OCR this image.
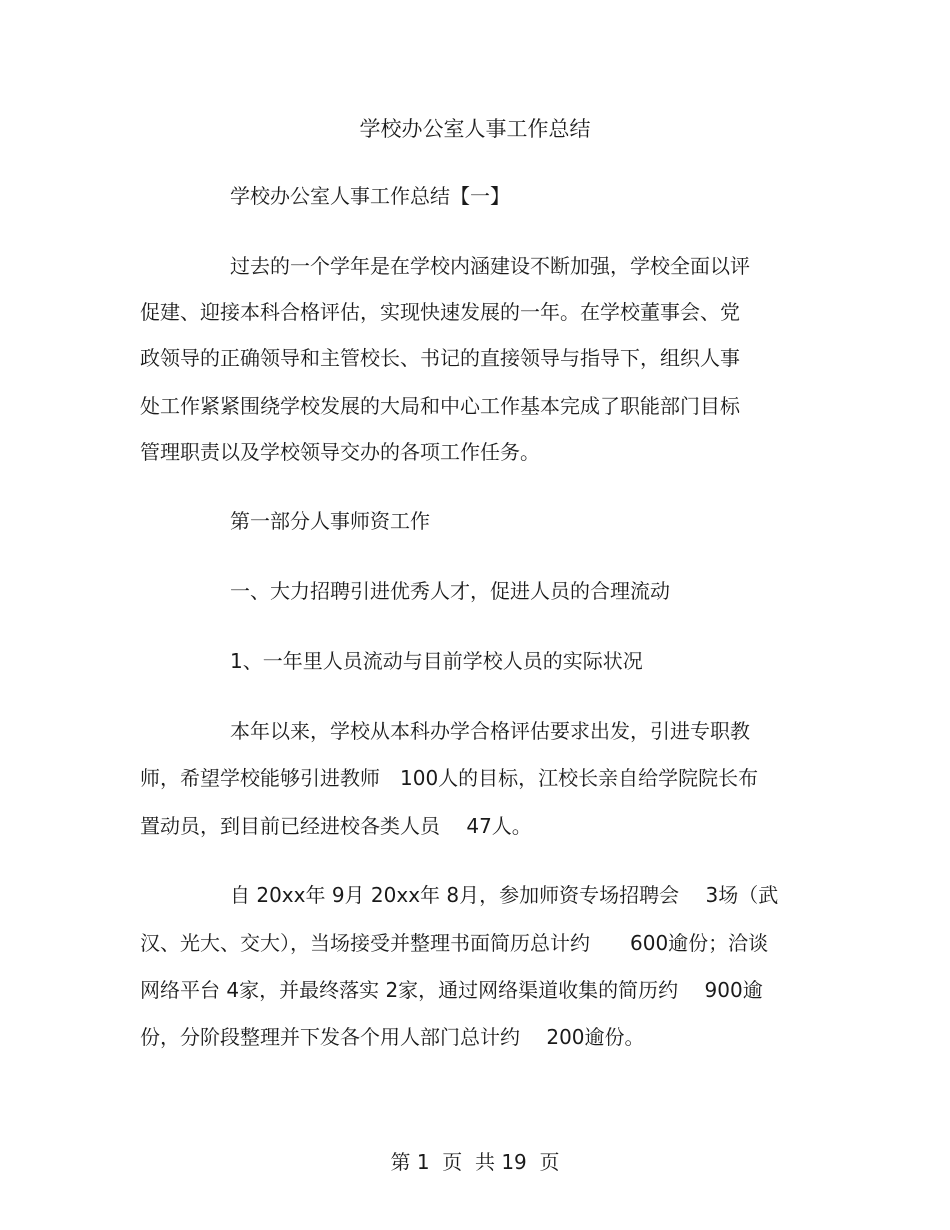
学校办公室人事工作总结
学校办公室人事工作总结【一】
过去的一个学年是在学校内涵建设不断加强，学校全面以评
促建、迎接本科合格评估，实现快速发展的一年。在学校董事会、党
政领导的正确领导和主管校长、书记的直接领导与指导下，组织人事
处工作紧紧围绕学校发展的大局和中心工作基本完成了职能部门目标
管理职责以及学校领导交办的各项工作任务。
第一部分人事师资工作
一、大力招聘引进优秀人才，促进人员的合理流动
1、一年里人员流动与目前学校人员的实际状况
本年以来，学校从本科办学合格评估要求出发，引进专职教
师，希望学校能够引进教师　100人的目标，江校长亲自给学院院长布
置动员，到目前已经进校各类人员　 47人。
自 20xx年 9月 20xx年 8月，参加师资专场招聘会　 3场（武
汉、光大、交大），当场接受并整理书面简历总计约　　600逾份；洽谈
网络平台 4家，并最终落实 2家，通过网络渠道收集的简历约　 900逾
份，分阶段整理并下发各个用人部门总计约　 200逾份。
第 1  页  共 19  页
